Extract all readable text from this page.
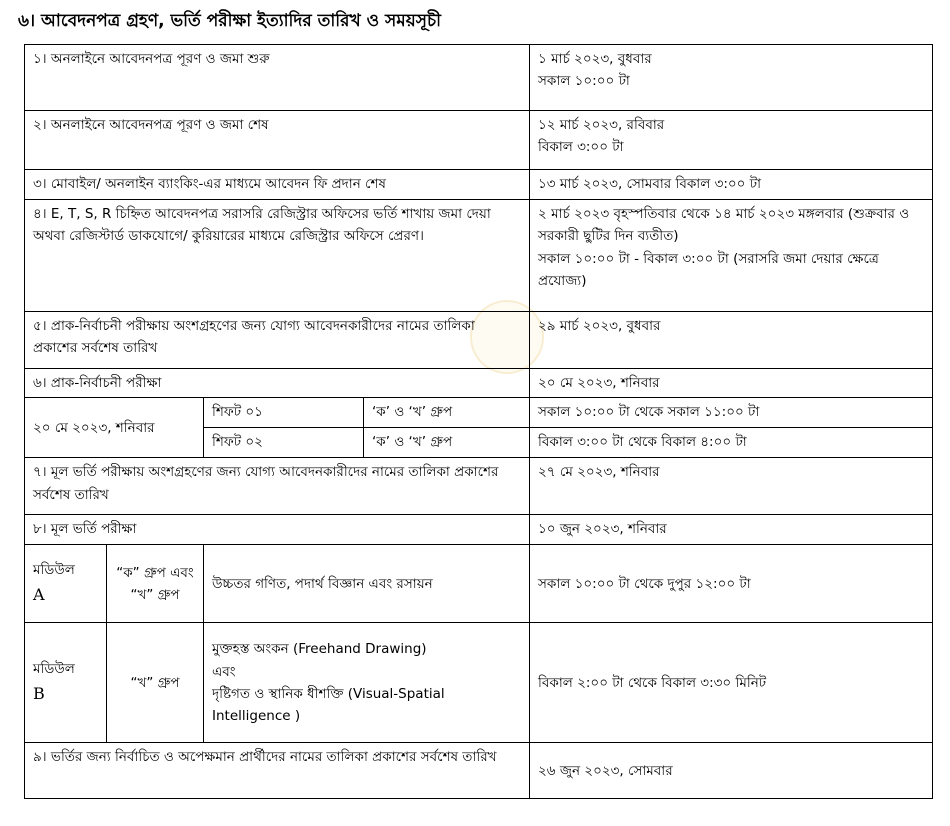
৬। আবেদনপত্র গ্রহণ, ভর্তি পরীক্ষা ইত্যাদির তারিখ ও সময়সূচী
১। অনলাইনে আবেদনপত্র পূরণ ও জমা শুরু				১ মার্চ ২০২৩, বুধবার
সকাল ১০:০০ টা

২। অনলাইনে আবেদনপত্র পূরণ ও জমা শেষ				১২ মার্চ ২০২৩, রবিবার
বিকাল ৩:০০ টা

৩। মোবাইল/ অনলাইন ব্যাংকিং-এর মাধ্যমে আবেদন ফি প্রদান শেষ				১৩ মার্চ ২০২৩, সোমবার বিকাল ৩:০০ টা
৪। E, T, S, R চিহ্নিত আবেদনপত্র সরাসরি রেজিস্ট্রার অফিসের ভর্তি শাখায় জমা দেয়া অথবা রেজিস্টার্ড ডাকযোগে/ কুরিয়ারের মাধ্যমে রেজিস্ট্রার অফিসে প্রেরণ।				২ মার্চ ২০২৩ বৃহস্পতিবার থেকে ১৪ মার্চ ২০২৩ মঙ্গলবার (শুক্রবার ও সরকারী ছুটির দিন ব্যতীত)
সকাল ১০:০০ টা - বিকাল ৩:০০ টা (সরাসরি জমা দেয়ার ক্ষেত্রে প্রযোজ্য)

৫। প্রাক-নির্বাচনী পরীক্ষায় অংশগ্রহণের জন্য যোগ্য আবেদনকারীদের নামের তালিকা প্রকাশের সর্বশেষ তারিখ				২৯ মার্চ ২০২৩, বুধবার
৬। প্রাক-নির্বাচনী পরীক্ষা				২০ মে ২০২৩, শনিবার
২০ মে ২০২৩, শনিবার		শিফট ০১	‘ক’ ও ‘খ’ গ্রুপ	সকাল ১০:০০ টা থেকে সকাল ১১:০০ টা
		শিফট ০২	‘ক’ ও ‘খ’ গ্রুপ	বিকাল ৩:০০ টা থেকে বিকাল ৪:০০ টা
৭। মূল ভর্তি পরীক্ষায় অংশগ্রহণের জন্য যোগ্য আবেদনকারীদের নামের তালিকা প্রকাশের সর্বশেষ তারিখ				২৭ মে ২০২৩, শনিবার
৮। মূল ভর্তি পরীক্ষা				১০ জুন ২০২৩, শনিবার

মডিউল
A	“ক” গ্রুপ এবং “খ” গ্রুপ	উচ্চতর গণিত, পদার্থ বিজ্ঞান এবং রসায়ন		সকাল ১০:০০ টা থেকে দুপুর ১২:০০ টা

মডিউল
B	“খ” গ্রুপ	মুক্তহস্ত অংকন (Freehand Drawing)
এবং
দৃষ্টিগত ও স্থানিক ধীশক্তি (Visual-Spatial Intelligence )		বিকাল ২:০০ টা থেকে বিকাল ৩:৩০ মিনিট
৯। ভর্তির জন্য নির্বাচিত ও অপেক্ষমান প্রার্থীদের নামের তালিকা প্রকাশের সর্বশেষ তারিখ				২৬ জুন ২০২৩, সোমবার
